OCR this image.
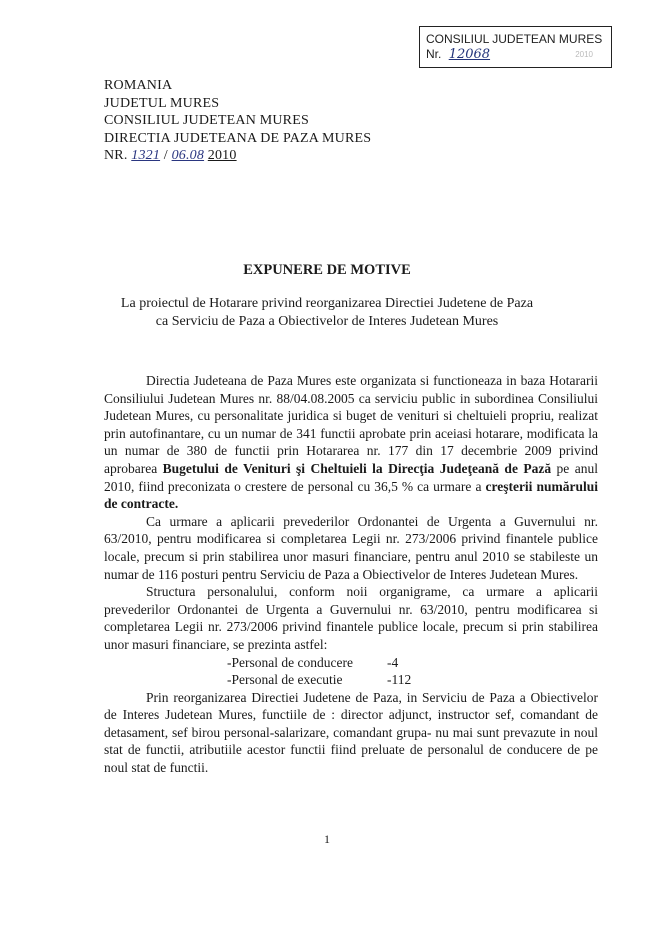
CONSILIUL JUDETEAN MURES
Nr. 12068	2010
ROMANIA
JUDETUL MURES
CONSILIUL JUDETEAN MURES
DIRECTIA JUDETEANA DE PAZA MURES
NR. 1321 / 06.08 2010
EXPUNERE DE MOTIVE
La proiectul de Hotarare privind reorganizarea Directiei Judetene de Paza
ca Serviciu de Paza a Obiectivelor de Interes Judetean Mures

Directia Judeteana de Paza Mures este organizata si functioneaza in baza Hotararii Consiliului Judetean Mures nr. 88/04.08.2005 ca serviciu public in subordinea Consiliului Judetean Mures, cu personalitate juridica si buget de venituri si cheltuieli propriu, realizat prin autofinantare, cu un numar de 341 functii aprobate prin aceiasi hotarare, modificata la un numar de 380 de functii prin Hotararea nr. 177 din 17 decembrie 2009 privind aprobarea Bugetului de Venituri şi Cheltuieli la Direcţia Judeţeană de Pază pe anul 2010, fiind preconizata o crestere de personal cu 36,5 % ca urmare a creşterii numărului de contracte.

Ca urmare a aplicarii prevederilor Ordonantei de Urgenta a Guvernului nr. 63/2010, pentru modificarea si completarea Legii nr. 273/2006 privind finantele publice locale, precum si prin stabilirea unor masuri financiare, pentru anul 2010 se stabileste un numar de 116 posturi pentru Serviciu de Paza a Obiectivelor de Interes Judetean Mures.

Structura personalului, conform noii organigrame, ca urmare a aplicarii prevederilor Ordonantei de Urgenta a Guvernului nr. 63/2010, pentru modificarea si completarea Legii nr. 273/2006 privind finantele publice locale, precum si prin stabilirea unor masuri financiare, se prezinta astfel:

-Personal de conducere	-4
-Personal de executie	-112

Prin reorganizarea Directiei Judetene de Paza, in Serviciu de Paza a Obiectivelor de Interes Judetean Mures, functiile de : director adjunct, instructor sef, comandant de detasament, sef birou personal-salarizare, comandant grupa- nu mai sunt prevazute in noul stat de functii, atributiile acestor functii fiind preluate de personalul de conducere de pe noul stat de functii.

1
